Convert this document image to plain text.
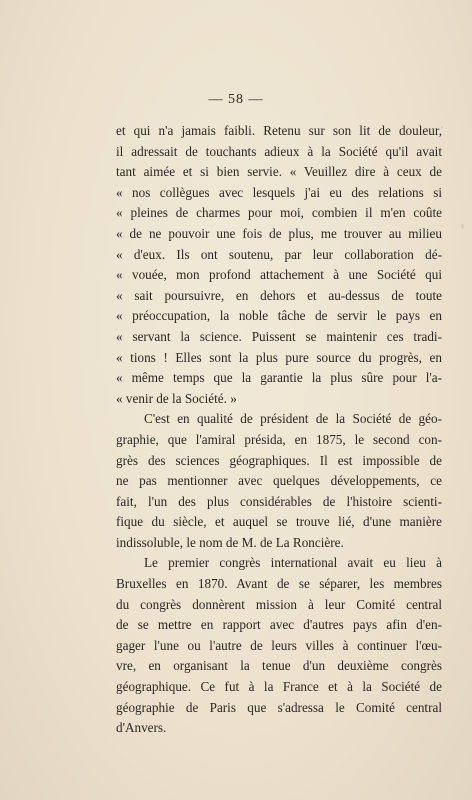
— 58 —
et qui n'a jamais faibli. Retenu sur son lit de douleur,
il adressait de touchants adieux à la Société qu'il avait
tant aimée et si bien servie. « Veuillez dire à ceux de
« nos collègues avec lesquels j'ai eu des relations si
« pleines de charmes pour moi, combien il m'en coûte
« de ne pouvoir une fois de plus, me trouver au milieu
« d'eux. Ils ont soutenu, par leur collaboration dé-
« vouée, mon profond attachement à une Société qui
« sait poursuivre, en dehors et au-dessus de toute
« préoccupation, la noble tâche de servir le pays en
« servant la science. Puissent se maintenir ces tradi-
« tions ! Elles sont la plus pure source du progrès, en
« même temps que la garantie la plus sûre pour l'a-
« venir de la Société. »
C'est en qualité de président de la Société de géo-
graphie, que l'amiral présida, en 1875, le second con-
grès des sciences géographiques. Il est impossible de
ne pas mentionner avec quelques développements, ce
fait, l'un des plus considérables de l'histoire scienti-
fique du siècle, et auquel se trouve lié, d'une manière
indissoluble, le nom de M. de La Roncière.
Le premier congrès international avait eu lieu à
Bruxelles en 1870. Avant de se séparer, les membres
du congrès donnèrent mission à leur Comité central
de se mettre en rapport avec d'autres pays afin d'en-
gager l'une ou l'autre de leurs villes à continuer l'œu-
vre, en organisant la tenue d'un deuxième congrès
géographique. Ce fut à la France et à la Société de
géographie de Paris que s'adressa le Comité central
d'Anvers.
